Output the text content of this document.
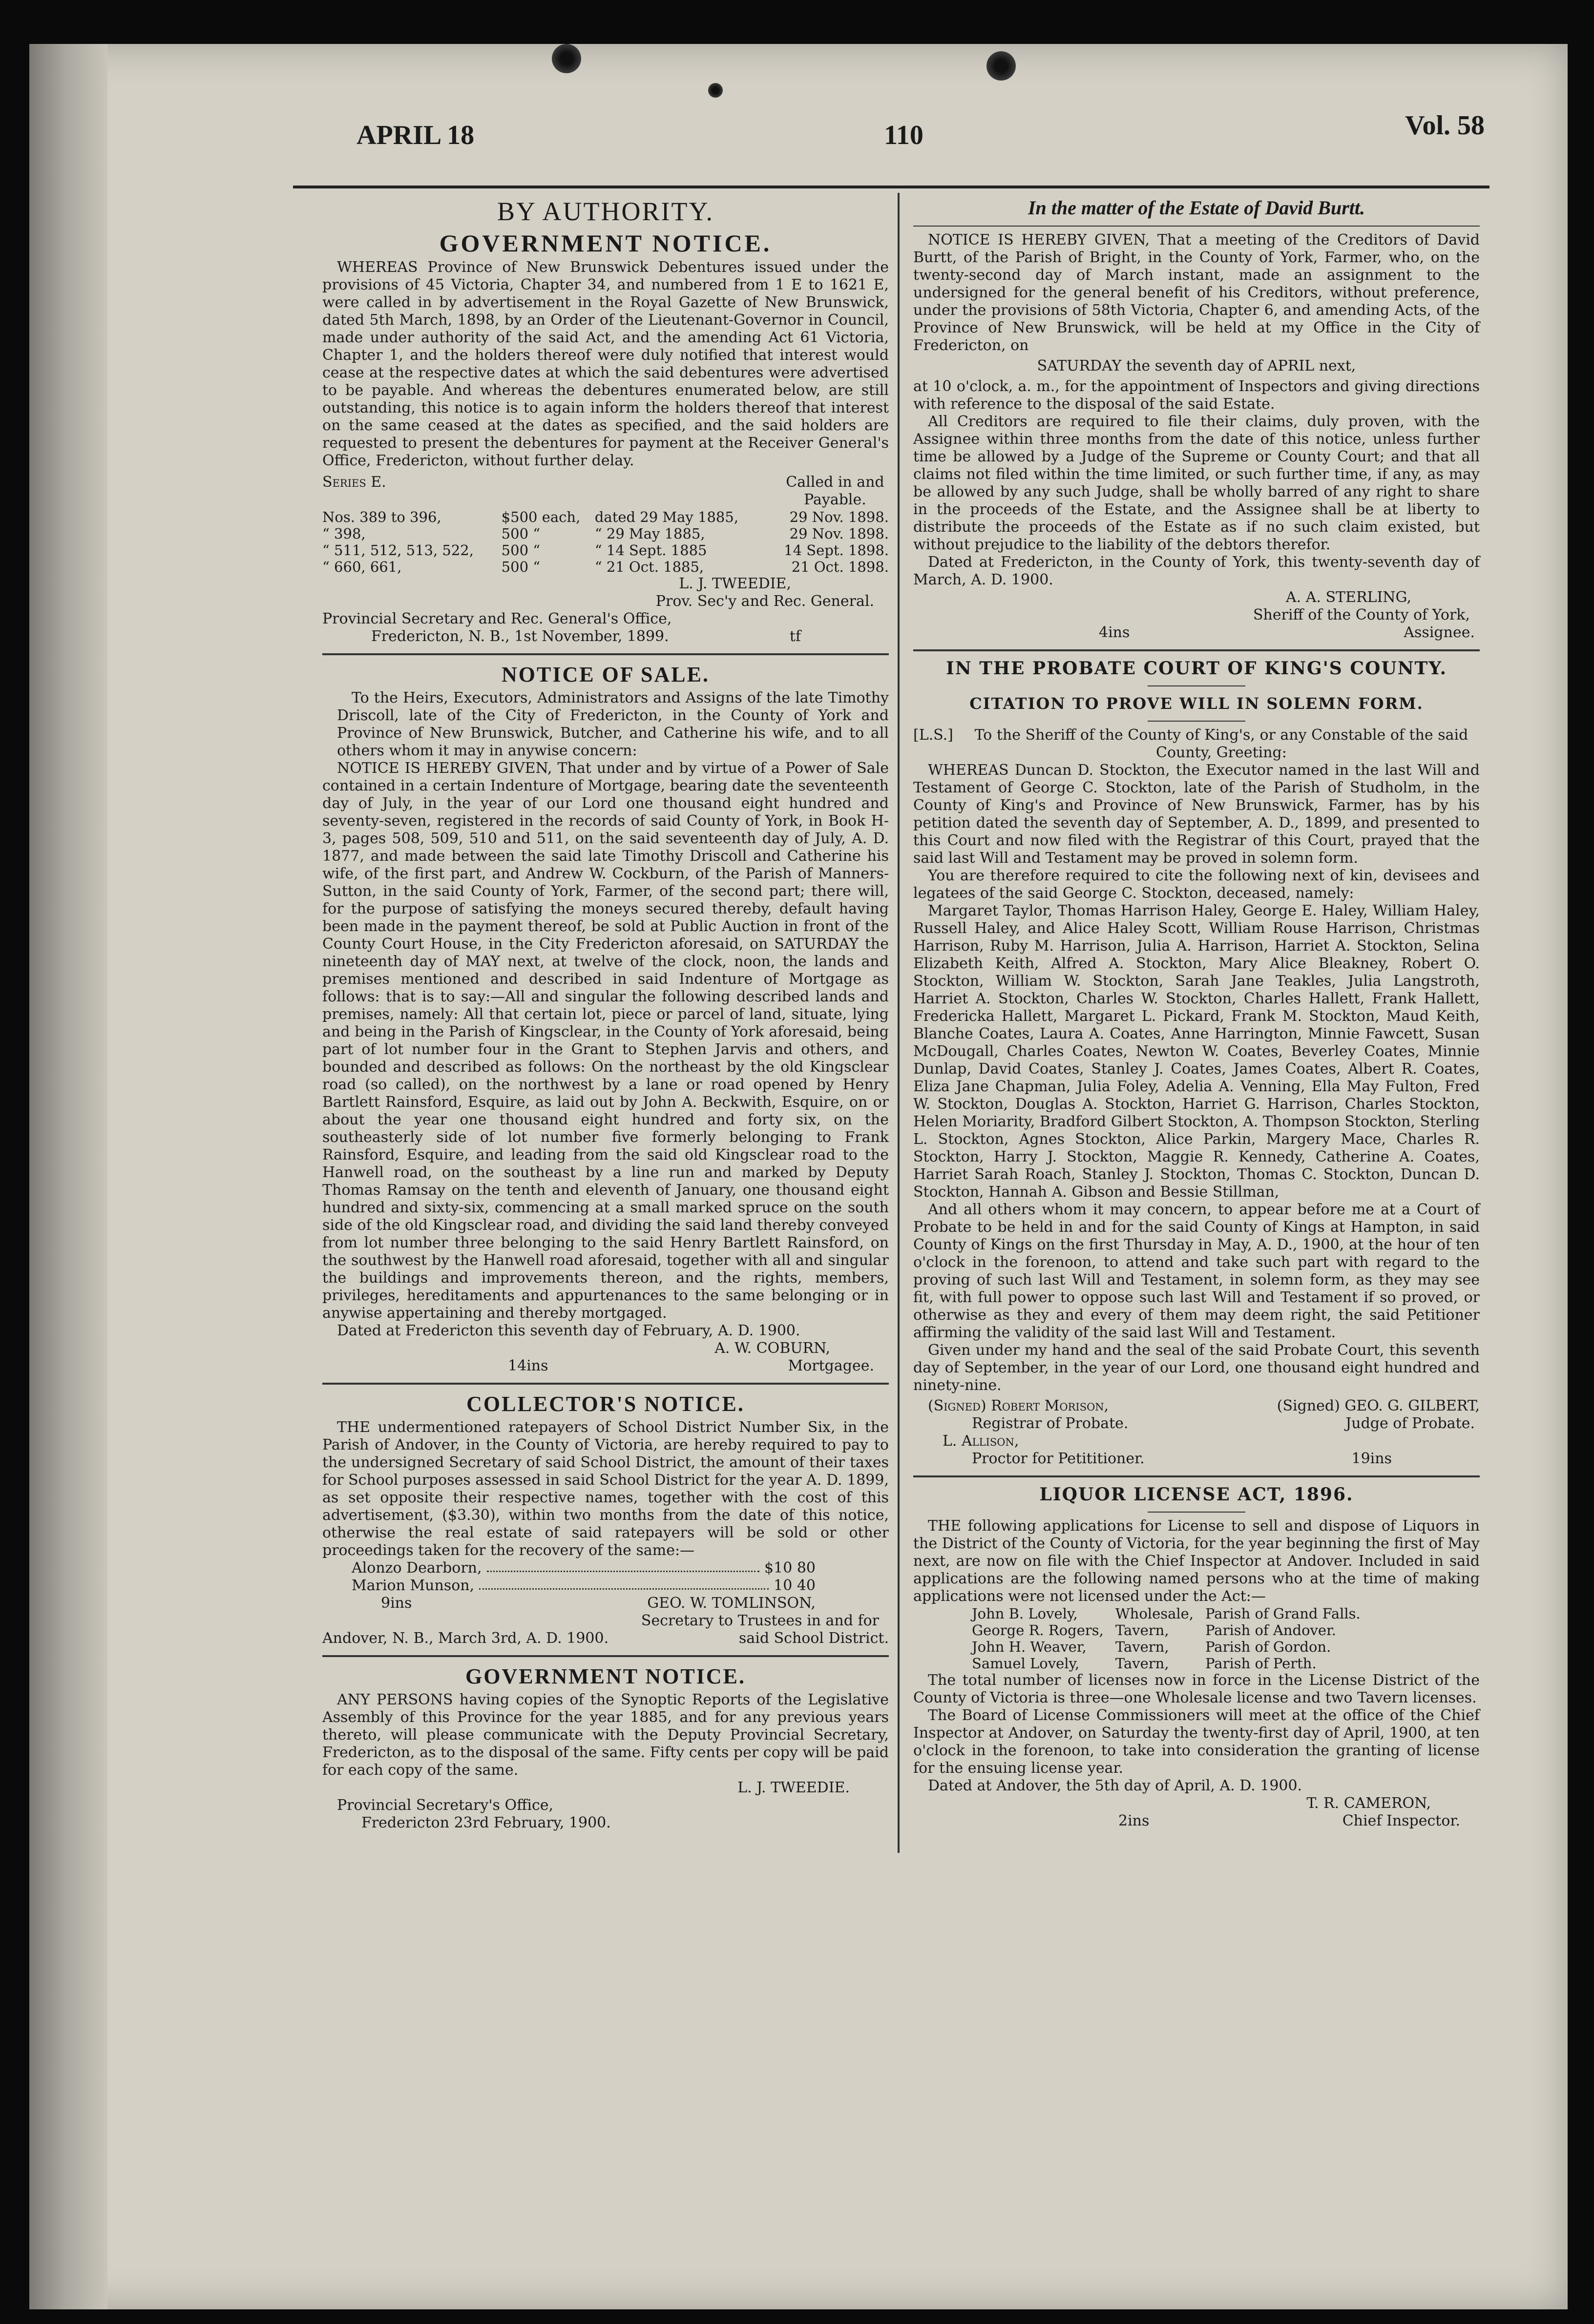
APRIL 18	110	Vol. 58
BY AUTHORITY.
GOVERNMENT NOTICE.

WHEREAS Province of New Brunswick Debentures issued under the provisions of 45 Victoria, Chapter 34, and numbered from 1 E to 1621 E, were called in by advertisement in the Royal Gazette of New Brunswick, dated 5th March, 1898, by an Order of the Lieutenant-Governor in Council, made under authority of the said Act, and the amending Act 61 Victoria, Chapter 1, and the holders thereof were duly notified that interest would cease at the respective dates at which the said debentures were advertised to be payable. And whereas the debentures enumerated below, are still outstanding, this notice is to again inform the holders thereof that interest on the same ceased at the dates as specified, and the said holders are requested to present the debentures for payment at the Receiver General's Office, Fredericton, without further delay.

Series E.	Called in and Payable.
Nos. 389 to 396,	$500 each,	dated 29 May 1885,	29 Nov. 1898.
“ 398,	500 “	“ 29 May 1885,	29 Nov. 1898.
“ 511, 512, 513, 522,	500 “	“ 14 Sept. 1885	14 Sept. 1898.
“ 660, 661,	500 “	“ 21 Oct. 1885,	21 Oct. 1898.
L. J. TWEEDIE,
Prov. Sec'y and Rec. General.
Provincial Secretary and Rec. General's Office,
Fredericton, N. B., 1st November, 1899.	tf
NOTICE OF SALE.

To the Heirs, Executors, Administrators and Assigns of the late Timothy Driscoll, late of the City of Fredericton, in the County of York and Province of New Brunswick, Butcher, and Catherine his wife, and to all others whom it may in anywise concern:

NOTICE IS HEREBY GIVEN, That under and by virtue of a Power of Sale contained in a certain Indenture of Mortgage, bearing date the seventeenth day of July, in the year of our Lord one thousand eight hundred and seventy-seven, registered in the records of said County of York, in Book H-3, pages 508, 509, 510 and 511, on the said seventeenth day of July, A. D. 1877, and made between the said late Timothy Driscoll and Catherine his wife, of the first part, and Andrew W. Cockburn, of the Parish of Manners-Sutton, in the said County of York, Farmer, of the second part; there will, for the purpose of satisfying the moneys secured thereby, default having been made in the payment thereof, be sold at Public Auction in front of the County Court House, in the City Fredericton aforesaid, on SATURDAY the nineteenth day of MAY next, at twelve of the clock, noon, the lands and premises mentioned and described in said Indenture of Mortgage as follows: that is to say:—All and singular the following described lands and premises, namely: All that certain lot, piece or parcel of land, situate, lying and being in the Parish of Kingsclear, in the County of York aforesaid, being part of lot number four in the Grant to Stephen Jarvis and others, and bounded and described as follows: On the northeast by the old Kingsclear road (so called), on the northwest by a lane or road opened by Henry Bartlett Rainsford, Esquire, as laid out by John A. Beckwith, Esquire, on or about the year one thousand eight hundred and forty six, on the southeasterly side of lot number five formerly belonging to Frank Rainsford, Esquire, and leading from the said old Kingsclear road to the Hanwell road, on the southeast by a line run and marked by Deputy Thomas Ramsay on the tenth and eleventh of January, one thousand eight hundred and sixty-six, commencing at a small marked spruce on the south side of the old Kingsclear road, and dividing the said land thereby conveyed from lot number three belonging to the said Henry Bartlett Rainsford, on the southwest by the Hanwell road aforesaid, together with all and singular the buildings and improvements thereon, and the rights, members, privileges, hereditaments and appurtenances to the same belonging or in anywise appertaining and thereby mortgaged.

Dated at Fredericton this seventh day of February, A. D. 1900.

A. W. COBURN,
14ins	Mortgagee.
COLLECTOR'S NOTICE.

THE undermentioned ratepayers of School District Number Six, in the Parish of Andover, in the County of Victoria, are hereby required to pay to the undersigned Secretary of said School District, the amount of their taxes for School purposes assessed in said School District for the year A. D. 1899, as set opposite their respective names, together with the cost of this advertisement, ($3.30), within two months from the date of this notice, otherwise the real estate of said ratepayers will be sold or other proceedings taken for the recovery of the same:—

Alonzo Dearborn,	$10 80
Marion Munson,	10 40
9ins	GEO. W. TOMLINSON,
Secretary to Trustees in and for
Andover, N. B., March 3rd, A. D. 1900.	said School District.
GOVERNMENT NOTICE.

ANY PERSONS having copies of the Synoptic Reports of the Legislative Assembly of this Province for the year 1885, and for any previous years thereto, will please communicate with the Deputy Provincial Secretary, Fredericton, as to the disposal of the same. Fifty cents per copy will be paid for each copy of the same.

L. J. TWEEDIE.
Provincial Secretary's Office,
Fredericton 23rd February, 1900.
In the matter of the Estate of David Burtt.

NOTICE IS HEREBY GIVEN, That a meeting of the Creditors of David Burtt, of the Parish of Bright, in the County of York, Farmer, who, on the twenty-second day of March instant, made an assignment to the undersigned for the general benefit of his Creditors, without preference, under the provisions of 58th Victoria, Chapter 6, and amending Acts, of the Province of New Brunswick, will be held at my Office in the City of Fredericton, on

SATURDAY the seventh day of APRIL next,

at 10 o'clock, a. m., for the appointment of Inspectors and giving directions with reference to the disposal of the said Estate.

All Creditors are required to file their claims, duly proven, with the Assignee within three months from the date of this notice, unless further time be allowed by a Judge of the Supreme or County Court; and that all claims not filed within the time limited, or such further time, if any, as may be allowed by any such Judge, shall be wholly barred of any right to share in the proceeds of the Estate, and the Assignee shall be at liberty to distribute the proceeds of the Estate as if no such claim existed, but without prejudice to the liability of the debtors therefor.

Dated at Fredericton, in the County of York, this twenty-seventh day of March, A. D. 1900.

A. A. STERLING,
Sheriff of the County of York,
4ins	Assignee.
IN THE PROBATE COURT OF KING'S COUNTY.
CITATION TO PROVE WILL IN SOLEMN FORM.
[L.S.]	To the Sheriff of the County of King's, or any Constable of the said County, Greeting:

WHEREAS Duncan D. Stockton, the Executor named in the last Will and Testament of George C. Stockton, late of the Parish of Studholm, in the County of King's and Province of New Brunswick, Farmer, has by his petition dated the seventh day of September, A. D., 1899, and presented to this Court and now filed with the Registrar of this Court, prayed that the said last Will and Testament may be proved in solemn form.

You are therefore required to cite the following next of kin, devisees and legatees of the said George C. Stockton, deceased, namely:

Margaret Taylor, Thomas Harrison Haley, George E. Haley, William Haley, Russell Haley, and Alice Haley Scott, William Rouse Harrison, Christmas Harrison, Ruby M. Harrison, Julia A. Harrison, Harriet A. Stockton, Selina Elizabeth Keith, Alfred A. Stockton, Mary Alice Bleakney, Robert O. Stockton, William W. Stockton, Sarah Jane Teakles, Julia Langstroth, Harriet A. Stockton, Charles W. Stockton, Charles Hallett, Frank Hallett, Fredericka Hallett, Margaret L. Pickard, Frank M. Stockton, Maud Keith, Blanche Coates, Laura A. Coates, Anne Harrington, Minnie Fawcett, Susan McDougall, Charles Coates, Newton W. Coates, Beverley Coates, Minnie Dunlap, David Coates, Stanley J. Coates, James Coates, Albert R. Coates, Eliza Jane Chapman, Julia Foley, Adelia A. Venning, Ella May Fulton, Fred W. Stockton, Douglas A. Stockton, Harriet G. Harrison, Charles Stockton, Helen Moriarity, Bradford Gilbert Stockton, A. Thompson Stockton, Sterling L. Stockton, Agnes Stockton, Alice Parkin, Margery Mace, Charles R. Stockton, Harry J. Stockton, Maggie R. Kennedy, Catherine A. Coates, Harriet Sarah Roach, Stanley J. Stockton, Thomas C. Stockton, Duncan D. Stockton, Hannah A. Gibson and Bessie Stillman,

And all others whom it may concern, to appear before me at a Court of Probate to be held in and for the said County of Kings at Hampton, in said County of Kings on the first Thursday in May, A. D., 1900, at the hour of ten o'clock in the forenoon, to attend and take such part with regard to the proving of such last Will and Testament, in solemn form, as they may see fit, with full power to oppose such last Will and Testament if so proved, or otherwise as they and every of them may deem right, the said Petitioner affirming the validity of the said last Will and Testament.

Given under my hand and the seal of the said Probate Court, this seventh day of September, in the year of our Lord, one thousand eight hundred and ninety-nine.

(Signed) Robert Morison,	(Signed) GEO. G. GILBERT,
Registrar of Probate.	Judge of Probate.
L. Allison,
Proctor for Petititioner.	19ins
LIQUOR LICENSE ACT, 1896.

THE following applications for License to sell and dispose of Liquors in the District of the County of Victoria, for the year beginning the first of May next, are now on file with the Chief Inspector at Andover. Included in said applications are the following named persons who at the time of making applications were not licensed under the Act:—

John B. Lovely,	Wholesale,	Parish of Grand Falls.
George R. Rogers,	Tavern,	Parish of Andover.
John H. Weaver,	Tavern,	Parish of Gordon.
Samuel Lovely,	Tavern,	Parish of Perth.

The total number of licenses now in force in the License District of the County of Victoria is three—one Wholesale license and two Tavern licenses.

The Board of License Commissioners will meet at the office of the Chief Inspector at Andover, on Saturday the twenty-first day of April, 1900, at ten o'clock in the forenoon, to take into consideration the granting of license for the ensuing license year.

Dated at Andover, the 5th day of April, A. D. 1900.

T. R. CAMERON,
2ins	Chief Inspector.
